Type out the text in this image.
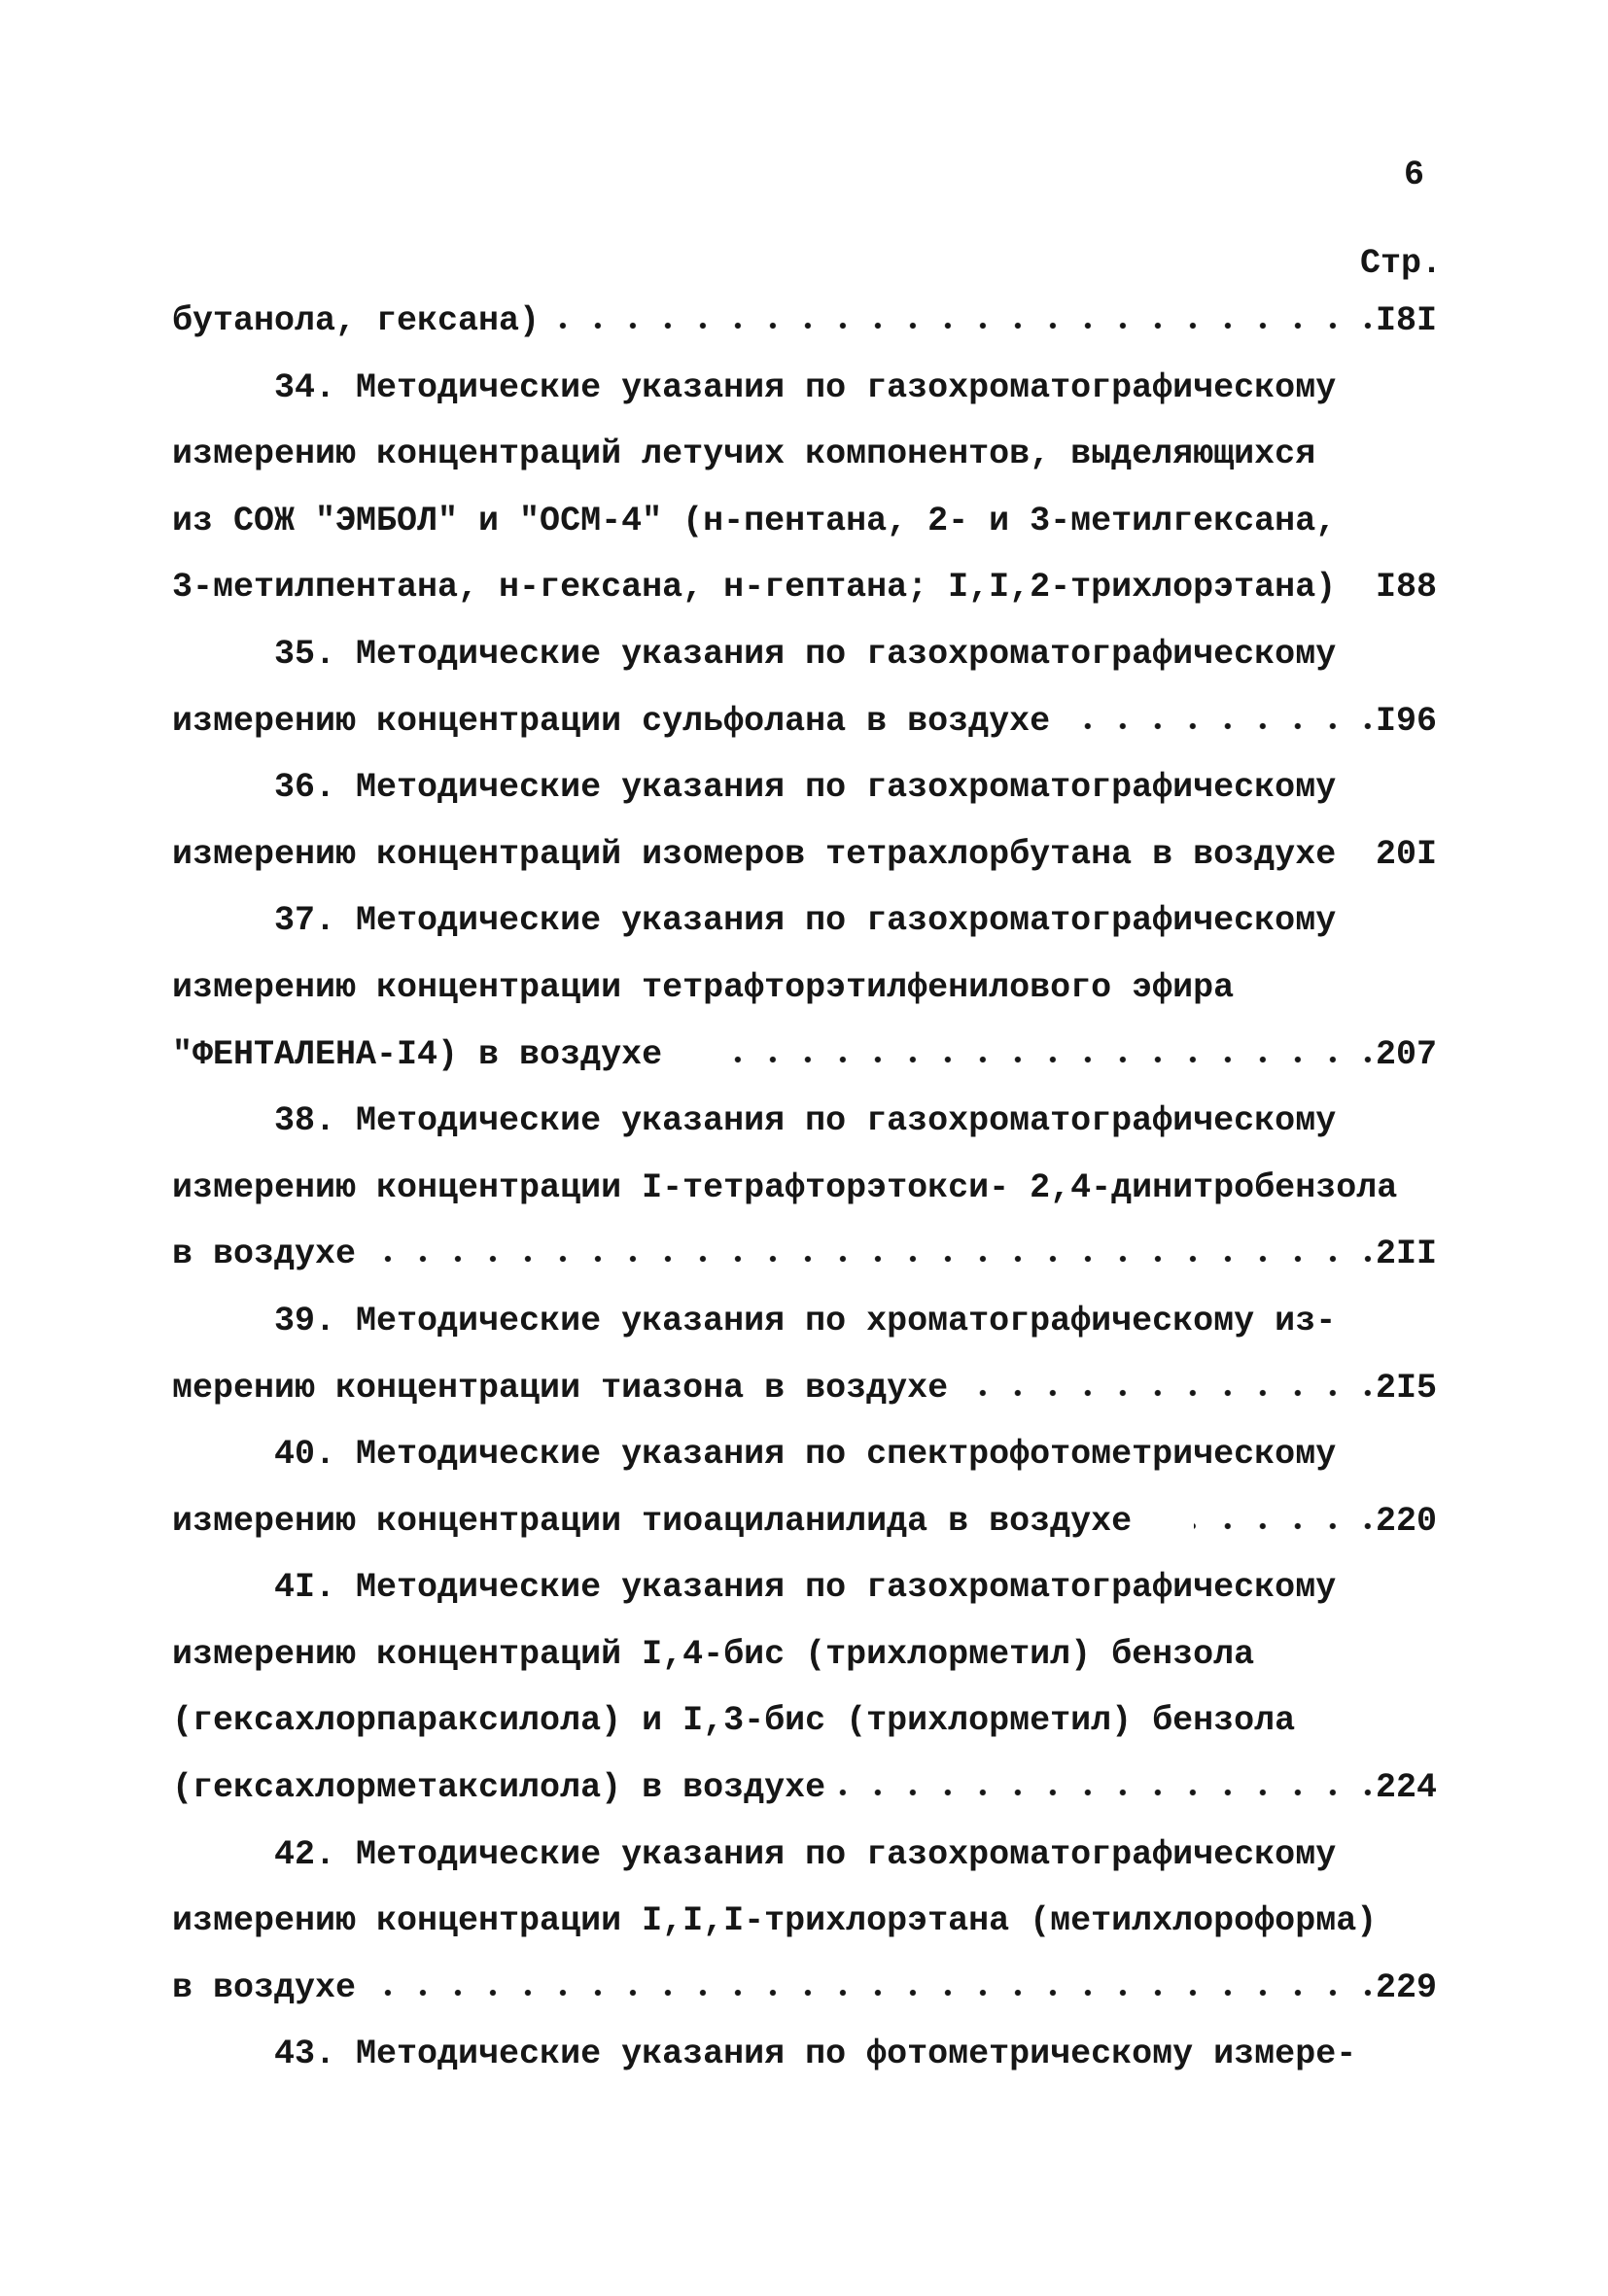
6
Стр.
бутанола, гексана)	I8I
34. Методические указания по газохроматографическому
измерению концентраций летучих компонентов, выделяющихся
из СОЖ "ЭМБОЛ" и "ОСМ-4" (н-пентана, 2- и 3-метилгексана,
3-метилпентана, н-гексана, н-гептана; I,I,2-трихлорэтана) I88
35. Методические указания по газохроматографическому
измерению концентрации сульфолана в воздухе	I96
36. Методические указания по газохроматографическому
измерению концентраций изомеров тетрахлорбутана в воздухе 20I
37. Методические указания по газохроматографическому
измерению концентрации тетрафторэтилфенилового эфира
"ФЕНТАЛЕНА-I4) в воздухе	207
38. Методические указания по газохроматографическому
измерению концентрации I-тетрафторэтокси- 2,4-динитробензола
в воздухе	2II
39. Методические указания по хроматографическому из-
мерению концентрации тиазона в воздухе	2I5
40. Методические указания по спектрофотометрическому
измерению концентрации тиоациланилида в воздухе	220
4I. Методические указания по газохроматографическому
измерению концентраций I,4-бис (трихлорметил) бензола
(гексахлорпараксилола) и I,3-бис (трихлорметил) бензола
(гексахлорметаксилола) в воздухе	224
42. Методические указания по газохроматографическому
измерению концентрации I,I,I-трихлорэтана (метилхлороформа)
в воздухе	229
43. Методические указания по фотометрическому измере-
